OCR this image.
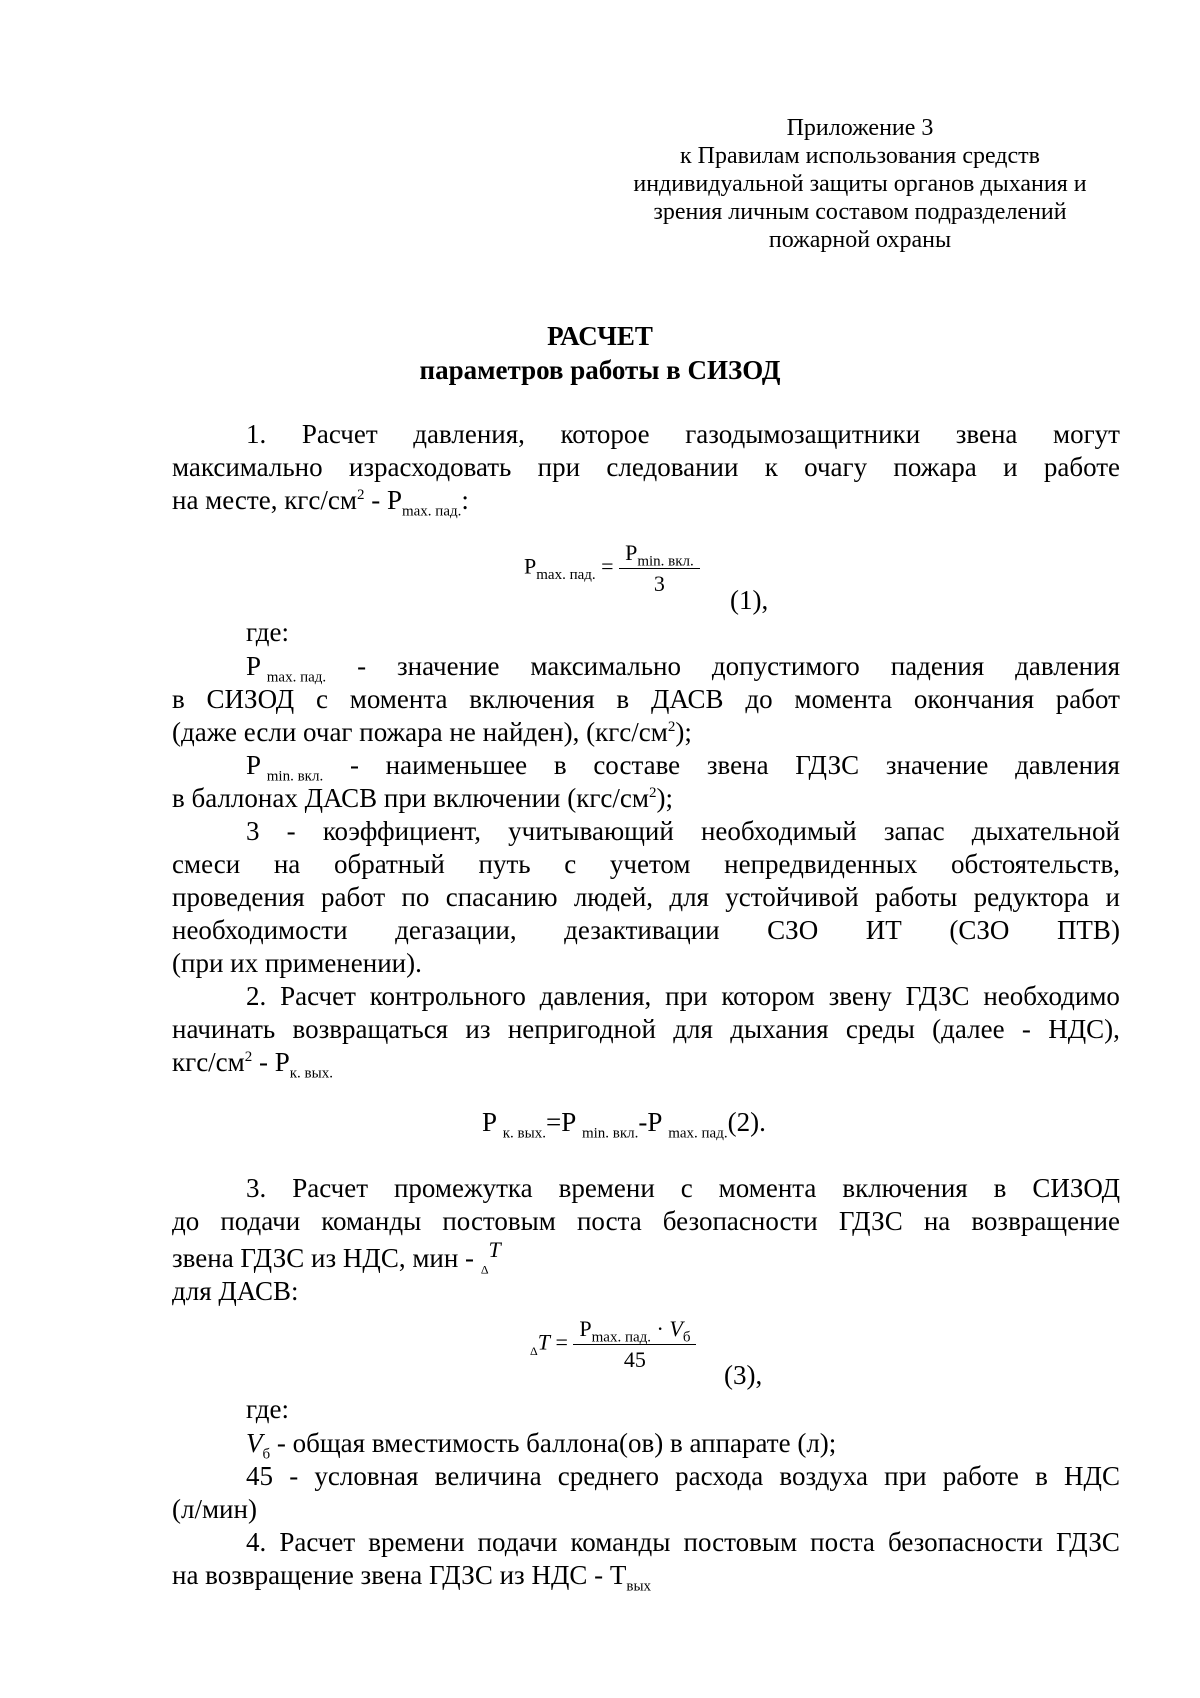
Приложение 3
к Правилам использования средств
индивидуальной защиты органов дыхания и
зрения личным составом подразделений
пожарной охраны
РАСЧЕТ
параметров работы в СИЗОД
1. Расчет давления, которое газодымозащитники звена могут
максимально израсходовать при следовании к очагу пожара и работе
на месте, кгс/$см^2 - P_{max. пад.}$:
$P_{max. пад.} = \frac{P_{min. вкл.}}{3}$
(1),
где:
P $_{max. пад.}$ - значение максимально допустимого падения давления
в СИЗОД с момента включения в ДАСВ до момента окончания работ
(даже если очаг пожара не найден), $(кгс/см^2)$;
P $_{min. вкл.}$ - наименьшее в составе звена ГДЗС значение давления
в баллонах ДАСВ при включении $(кгс/см^2)$;
3 - коэффициент, учитывающий необходимый запас дыхательной
смеси на обратный путь с учетом непредвиденных обстоятельств,
проведения работ по спасанию людей, для устойчивой работы редуктора и
необходимости дегазации, дезактивации СЗО ИТ (СЗО ПТВ)
(при их применении).
2. Расчет контрольного давления, при котором звену ГДЗС необходимо
начинать возвращаться из непригодной для дыхания среды (далее - НДС),
кгс/$см^2 - P_{к. вых.}$
P $_{к. вых.}$=P $_{min. вкл.}$-P $_{max. пад.}$(2).
3. Расчет промежутка времени с момента включения в СИЗОД
до подачи команды постовым поста безопасности ГДЗС на возвращение
звена ГДЗС из НДС, мин - $_\Delta^T$
для ДАСВ:
$_\Delta T = \frac{P_{max. пад.} \cdot V_б}{45}$
(3),
где:
$V_б$ - общая вместимость баллона(ов) в аппарате (л);
45 - условная величина среднего расхода воздуха при работе в НДС
(л/мин)
4. Расчет времени подачи команды постовым поста безопасности ГДЗС
на возвращение звена ГДЗС из НДС - $Т_{вых}$
